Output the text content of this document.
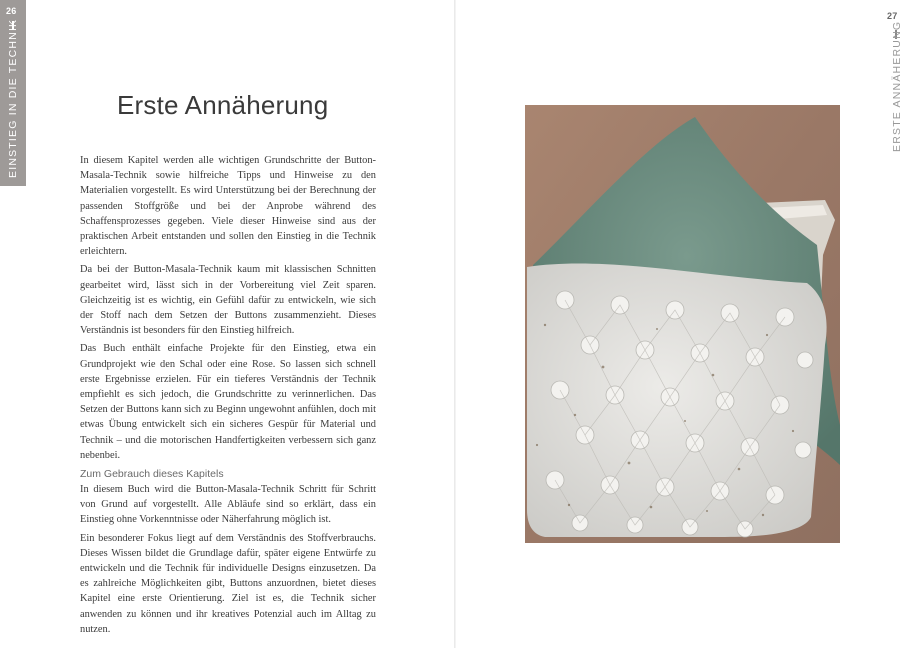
26
EINSTIEG IN DIE TECHNIK
27
ERSTE ANNÄHERUNG
Erste Annäherung

In diesem Kapitel werden alle wichtigen Grundschritte der Button-Masala-Technik sowie hilfreiche Tipps und Hinweise zu den Materialien vorgestellt. Es wird Unterstützung bei der Berechnung der passenden Stoffgröße und bei der Anprobe während des Schaffensprozesses gegeben. Viele dieser Hinweise sind aus der praktischen Arbeit entstanden und sollen den Einstieg in die Technik erleichtern.

Da bei der Button-Masala-Technik kaum mit klassischen Schnitten gearbeitet wird, lässt sich in der Vorbereitung viel Zeit sparen. Gleichzeitig ist es wichtig, ein Gefühl dafür zu entwickeln, wie sich der Stoff nach dem Setzen der Buttons zusammenzieht. Dieses Verständnis ist besonders für den Einstieg hilfreich.

Das Buch enthält einfache Projekte für den Einstieg, etwa ein Grundprojekt wie den Schal oder eine Rose. So lassen sich schnell erste Ergebnisse erzielen. Für ein tieferes Verständnis der Technik empfiehlt es sich jedoch, die Grundschritte zu verinnerlichen. Das Setzen der Buttons kann sich zu Beginn ungewohnt anfühlen, doch mit etwas Übung entwickelt sich ein sicheres Gespür für Material und Technik – und die motorischen Handfertigkeiten verbessern sich ganz nebenbei.

Zum Gebrauch dieses Kapitels

In diesem Buch wird die Button-Masala-Technik Schritt für Schritt von Grund auf vorgestellt. Alle Abläufe sind so erklärt, dass ein Einstieg ohne Vorkenntnisse oder Näherfahrung möglich ist.

Ein besonderer Fokus liegt auf dem Verständnis des Stoffverbrauchs. Dieses Wissen bildet die Grundlage dafür, später eigene Entwürfe zu entwickeln und die Technik für individuelle Designs einzusetzen. Da es zahlreiche Möglichkeiten gibt, Buttons anzuordnen, bietet dieses Kapitel eine erste Orientierung. Ziel ist es, die Technik sicher anwenden zu können und ihr kreatives Potenzial auch im Alltag zu nutzen.
